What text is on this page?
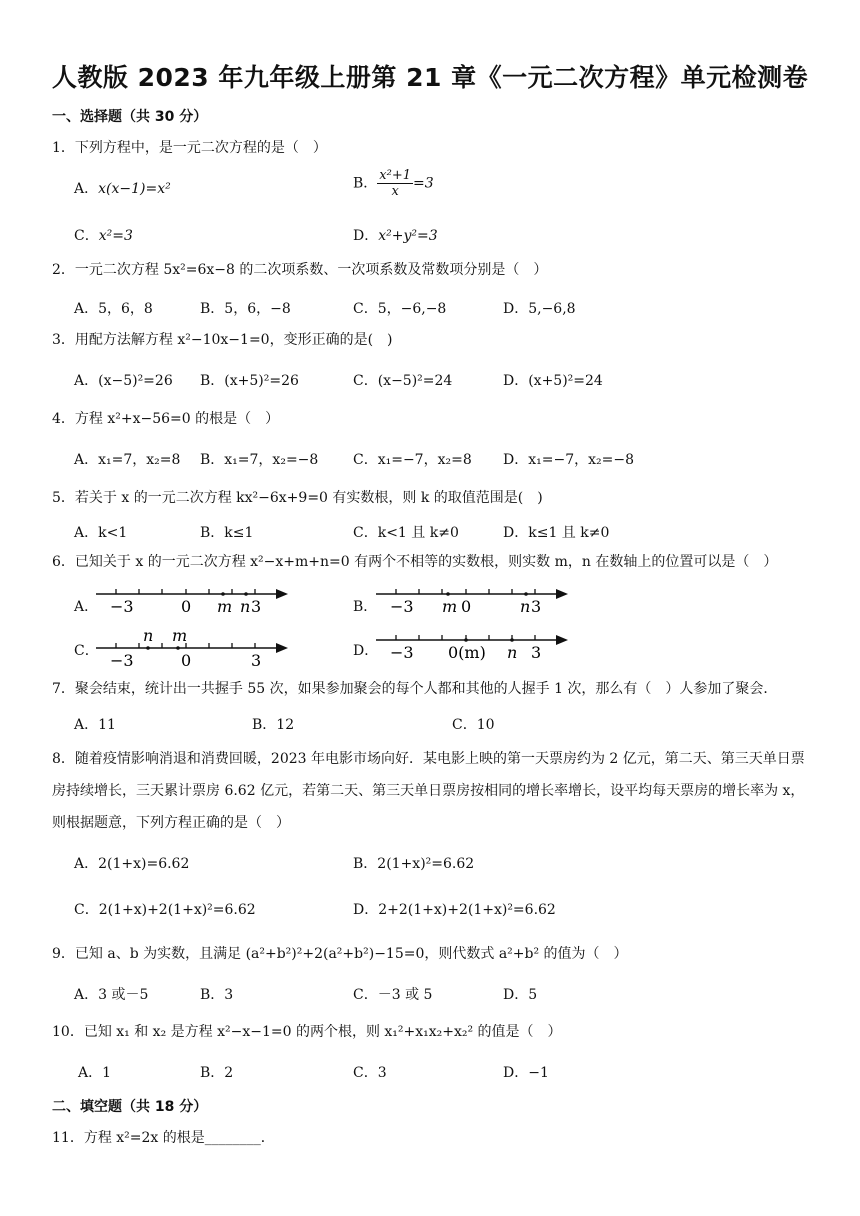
人教版 2023 年九年级上册第 21 章《一元二次方程》单元检测卷
一、选择题（共 30 分）
1．下列方程中，是一元二次方程的是（　）
A．x(x−1)=x²	B． $\frac{\text{x²+1}}{x} =3$
C．x²=3	D．x²+y²=3
2．一元二次方程 5x²=6x−8 的二次项系数、一次项系数及常数项分别是（　）
A．5，6，8	B．5，6，−8	C．5，−6,−8	D．5,−6,8
3．用配方法解方程 x²−10x−1=0，变形正确的是(　)
A．(x−5)²=26 B．(x+5)²=26	C．(x−5)²=24	D．(x+5)²=24
4．方程 x²+x−56=0 的根是（　）
A．x₁=7，x₂=8 B．x₁=7，x₂=−8 C．x₁=−7，x₂=8 D．x₁=−7，x₂=−8
5．若关于 x 的一元二次方程 kx²−6x+9=0 有实数根，则 k 的取值范围是(　)
A．k<1	B．k≤1	C．k<1 且 k≠0	D．k≤1 且 k≠0
6．已知关于 x 的一元二次方程 x²−x+m+n=0 有两个不相等的实数根，则实数 m，n 在数轴上的位置可以是（　）
A． −3	0 m n 3	B． −3 m 0	n 3
C．
n m
−3	0	3	D． −3 0(m) n 3
7．聚会结束，统计出一共握手 55 次，如果参加聚会的每个人都和其他的人握手 1 次，那么有（　）人参加了聚会．
A．11	B．12	C．10
8．随着疫情影响消退和消费回暖，2023 年电影市场向好．某电影上映的第一天票房约为 2 亿元，第二天、第三天单日票房持续增长，三天累计票房 6.62 亿元，若第二天、第三天单日票房按相同的增长率增长，设平均每天票房的增长率为 x，则根据题意，下列方程正确的是（　）
A．2(1+x)=6.62	B．2(1+x)²=6.62
C．2(1+x)+2(1+x)²=6.62	D．2+2(1+x)+2(1+x)²=6.62
9．已知 a、b 为实数，且满足 (a²+b²)²+2(a²+b²)−15=0，则代数式 a²+b² 的值为（　）
A．3 或－5	B．3	C．－3 或 5	D．5
10．已知 x₁ 和 x₂ 是方程 x²−x−1=0 的两个根，则 x₁²+x₁x₂+x₂² 的值是（　）
A．1	B．2	C．3	D．−1
二、填空题（共 18 分）
11．方程 x²=2x 的根是________．
